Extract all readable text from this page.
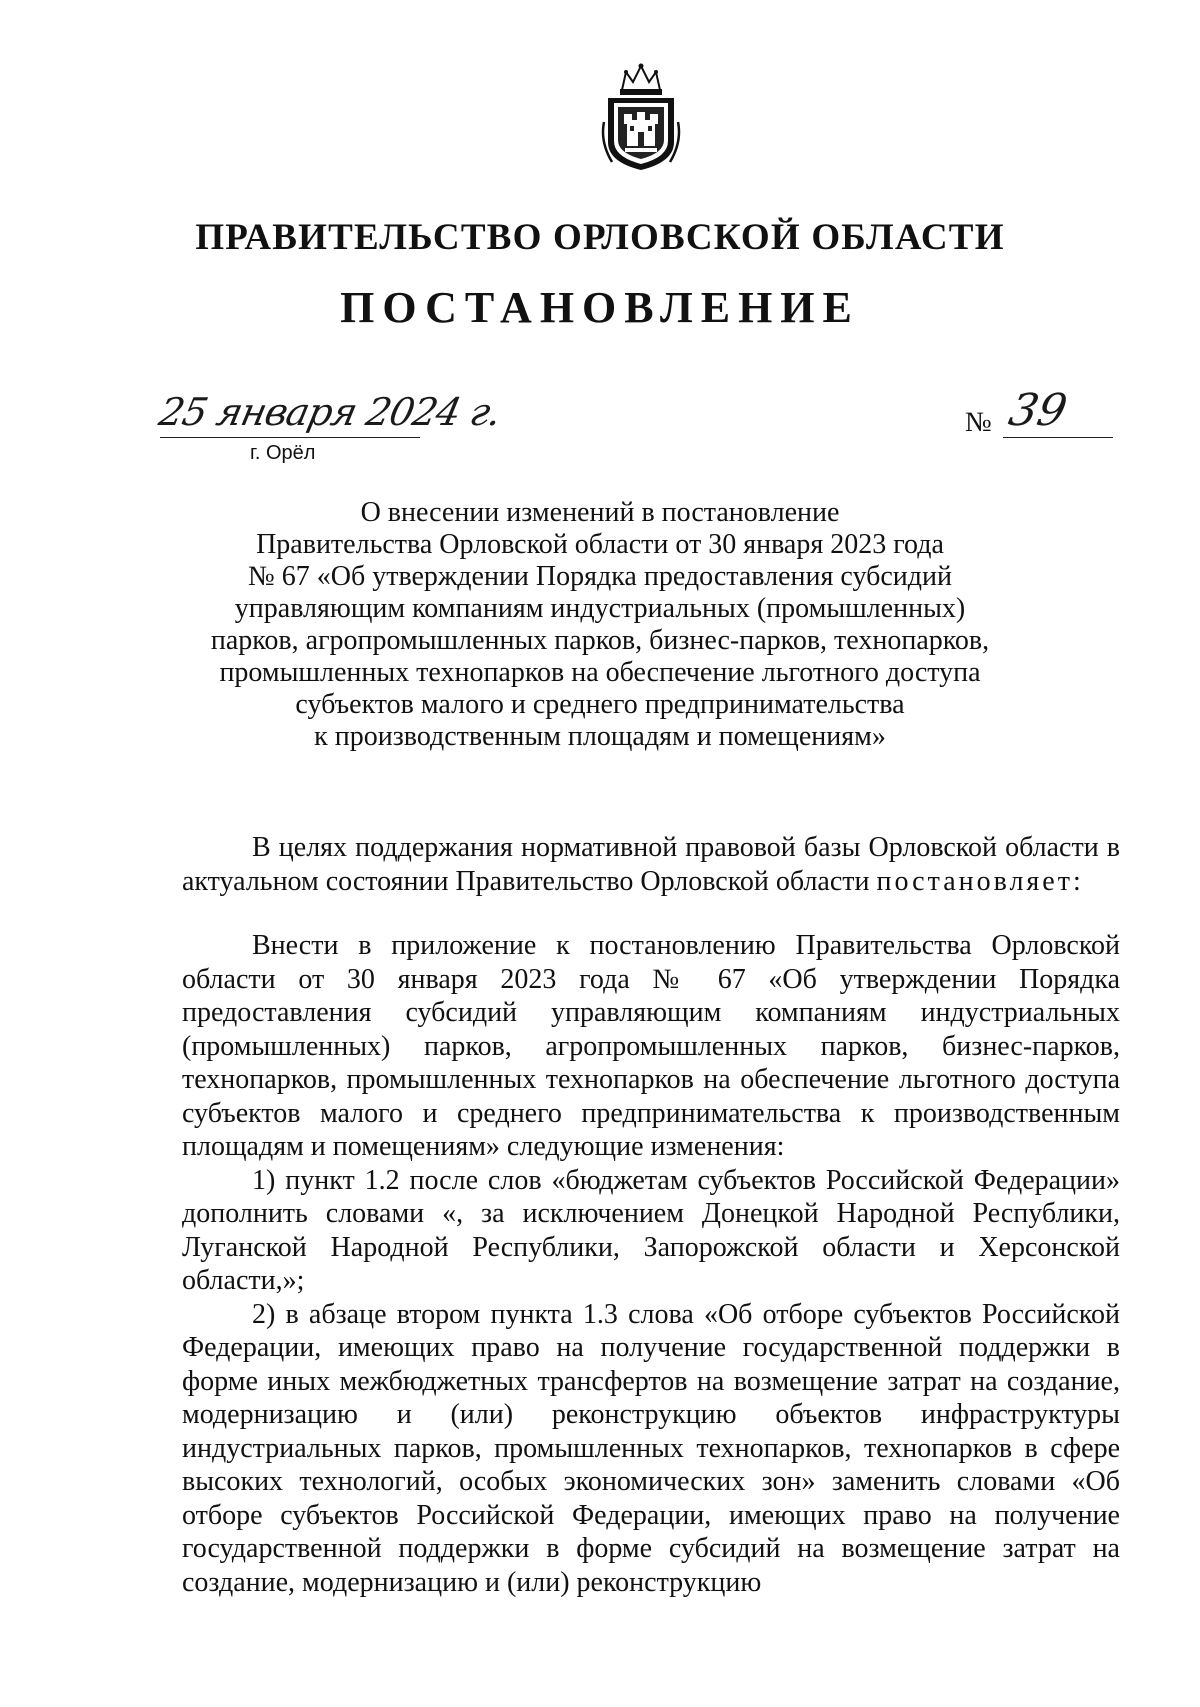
ПРАВИТЕЛЬСТВО ОРЛОВСКОЙ ОБЛАСТИ
ПОСТАНОВЛЕНИЕ
25 января 2024 г.
г. Орёл
№ 39
О внесении изменений в постановление
Правительства Орловской области от 30 января 2023 года
№ 67 «Об утверждении Порядка предоставления субсидий
управляющим компаниям индустриальных (промышленных)
парков, агропромышленных парков, бизнес-парков, технопарков,
промышленных технопарков на обеспечение льготного доступа
субъектов малого и среднего предпринимательства
к производственным площадям и помещениям»

В целях поддержания нормативной правовой базы Орловской области в актуальном состоянии Правительство Орловской области постановляет:

Внести в приложение к постановлению Правительства Орловской области от 30 января 2023 года № 67 «Об утверждении Порядка предоставления субсидий управляющим компаниям индустриальных (промышленных) парков, агропромышленных парков, бизнес-парков, технопарков, промышленных технопарков на обеспечение льготного доступа субъектов малого и среднего предпринимательства к производственным площадям и помещениям» следующие изменения:

1) пункт 1.2 после слов «бюджетам субъектов Российской Федерации» дополнить словами «, за исключением Донецкой Народной Республики, Луганской Народной Республики, Запорожской области и Херсонской области,»;

2) в абзаце втором пункта 1.3 слова «Об отборе субъектов Российской Федерации, имеющих право на получение государственной поддержки в форме иных межбюджетных трансфертов на возмещение затрат на создание, модернизацию и (или) реконструкцию объектов инфраструктуры индустриальных парков, промышленных технопарков, технопарков в сфере высоких технологий, особых экономических зон» заменить словами «Об отборе субъектов Российской Федерации, имеющих право на получение государственной поддержки в форме субсидий на возмещение затрат на создание, модернизацию и (или) реконструкцию
